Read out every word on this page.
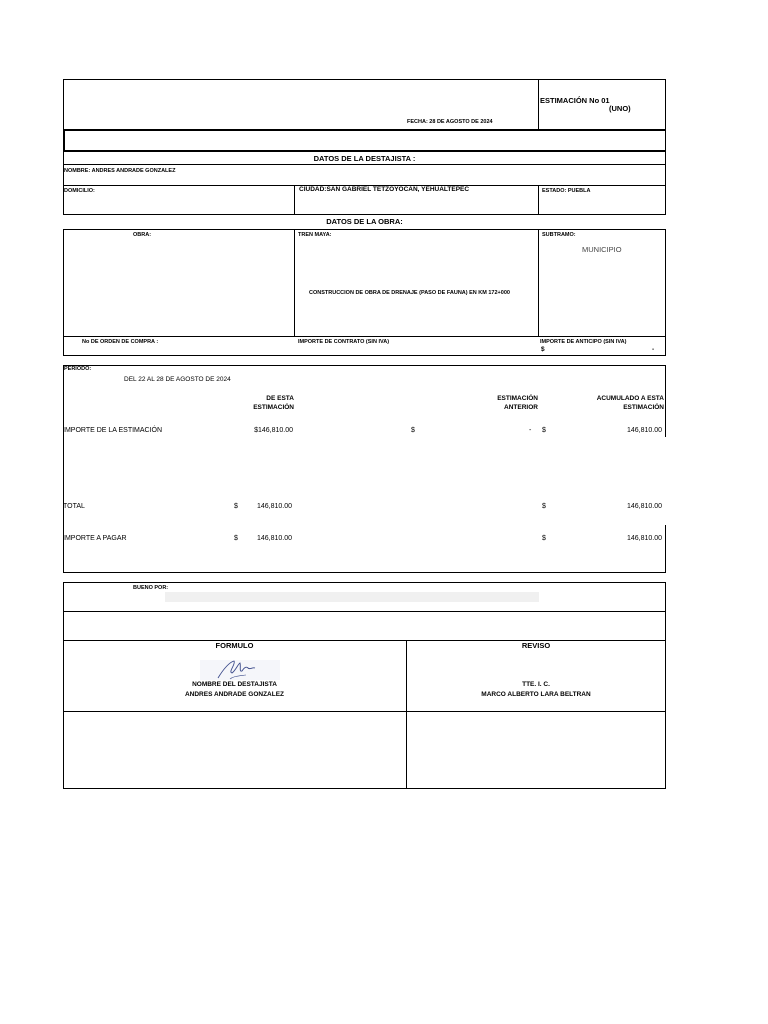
ESTIMACIÓN No 01
(UNO)
FECHA: 28 DE AGOSTO DE 2024
DATOS DE LA DESTAJISTA :
NOMBRE: ANDRES ANDRADE GONZALEZ
DOMICILIO:	CIUDAD:SAN GABRIEL TETZOYOCAN, YEHUALTEPEC	ESTADO: PUEBLA
DATOS DE LA OBRA:
OBRA:	TREN MAYA:	SUBTRAMO:
MUNICIPIO
CONSTRUCCION DE OBRA DE DRENAJE (PASO DE FAUNA) EN KM 172+000
No DE ORDEN DE COMPRA :	IMPORTE DE CONTRATO (SIN IVA)	IMPORTE DE ANTICIPO (SIN IVA)
$	-
PERIODO:
DEL 22 AL 28 DE AGOSTO DE 2024
DE ESTA
ESTIMACIÓN
ESTIMACIÓN
ANTERIOR
ACUMULADO A ESTA
ESTIMACIÓN
IMPORTE DE LA ESTIMACIÓN	$146,810.00	$	- $	146,810.00
TOTAL	$	146,810.00	$	146,810.00
IMPORTE A PAGAR	$	146,810.00	$	146,810.00
BUENO POR:
FORMULO	REVISO
NOMBRE DEL DESTAJISTA
ANDRES ANDRADE GONZALEZ
TTE. I. C.
MARCO ALBERTO LARA BELTRAN
